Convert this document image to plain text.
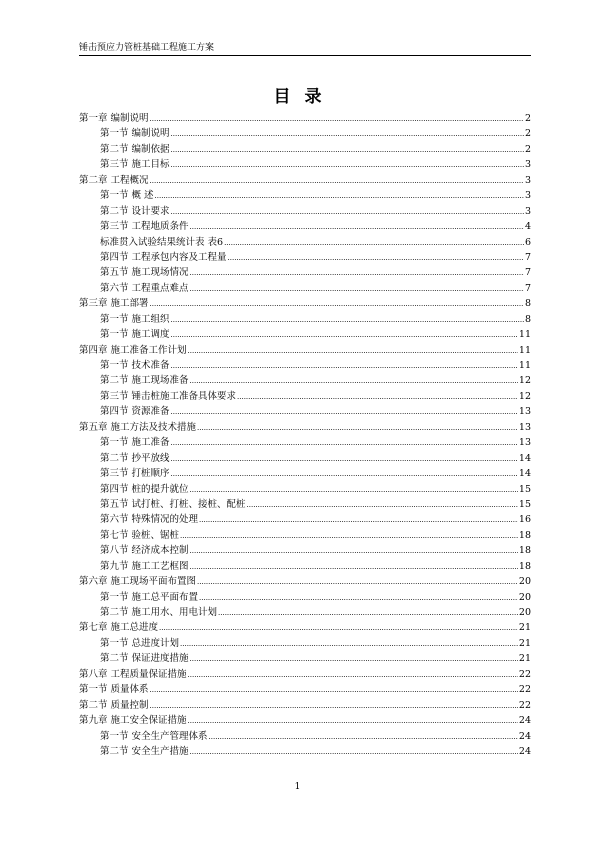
锤击预应力管桩基础工程施工方案
目录
第一章 编制说明 .....	2
第一节 编制说明 .....	2
第二节 编制依据 .....	2
第三节 施工目标 .....	3
第二章 工程概况 .....	3
第一节 概 述 .....	3
第二节 设计要求 .....	3
第三节 工程地质条件 .....	4
标准贯入试验结果统计表 表6 .....	6
第四节 工程承包内容及工程量 .....	7
第五节 施工现场情况 .....	7
第六节 工程重点难点 .....	7
第三章 施工部署 .....	8
第一节 施工组织 .....	8
第一节 施工调度 .....	11
第四章 施工准备工作计划 .....	11
第一节 技术准备 .....	11
第二节 施工现场准备 .....	12
第三节 锤击桩施工准备具体要求 .....	12
第四节 资源准备 .....	13
第五章 施工方法及技术措施 .....	13
第一节 施工准备 .....	13
第二节 抄平放线 .....	14
第三节 打桩顺序 .....	14
第四节 桩的提升就位 .....	15
第五节 试打桩、打桩、接桩、配桩 .....	15
第六节 特殊情况的处理 .....	16
第七节 验桩、锯桩 .....	18
第八节 经济成本控制 .....	18
第九节 施工工艺框图 .....	18
第六章 施工现场平面布置图 .....	20
第一节 施工总平面布置 .....	20
第二节 施工用水、用电计划 .....	20
第七章 施工总进度 .....	21
第一节 总进度计划 .....	21
第二节 保证进度措施 .....	21
第八章 工程质量保证措施 .....	22
第一节 质量体系 .....	22
第二节 质量控制 .....	22
第九章 施工安全保证措施 .....	24
第一节 安全生产管理体系 .....	24
第二节 安全生产措施 .....	24
1
